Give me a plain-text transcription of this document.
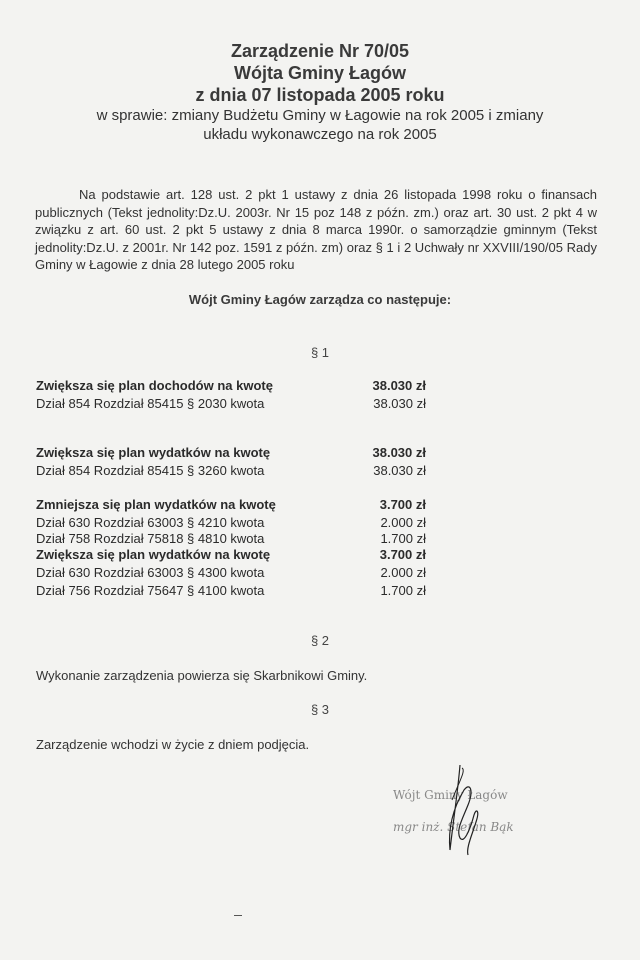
Zarządzenie Nr 70/05
Wójta Gminy Łagów
z dnia 07 listopada 2005 roku
w sprawie: zmiany Budżetu Gminy w Łagowie na rok 2005 i zmiany
układu wykonawczego na rok 2005
Na podstawie art. 128 ust. 2 pkt 1 ustawy z dnia 26 listopada 1998 roku o finansach publicznych (Tekst jednolity:Dz.U. 2003r. Nr 15 poz 148 z późn. zm.) oraz art. 30 ust. 2 pkt 4 w związku z art. 60 ust. 2 pkt 5 ustawy z dnia 8 marca 1990r. o samorządzie gminnym (Tekst jednolity:Dz.U. z 2001r. Nr 142 poz. 1591 z późn. zm) oraz § 1 i 2 Uchwały nr XXVIII/190/05 Rady Gminy w Łagowie z dnia 28 lutego 2005 roku
Wójt Gminy Łagów zarządza co następuje:
§ 1
Zwiększa się plan dochodów na kwotę	38.030 zł
Dział 854 Rozdział 85415 § 2030 kwota	38.030 zł
Zwiększa się plan wydatków na kwotę	38.030 zł
Dział 854 Rozdział 85415 § 3260 kwota	38.030 zł
Zmniejsza się plan wydatków na kwotę	3.700 zł
Dział 630 Rozdział 63003 § 4210 kwota	2.000 zł
Dział 758 Rozdział 75818 § 4810 kwota	1.700 zł
Zwiększa się plan wydatków na kwotę	3.700 zł
Dział 630 Rozdział 63003 § 4300 kwota	2.000 zł
Dział 756 Rozdział 75647 § 4100 kwota	1.700 zł
§ 2
Wykonanie zarządzenia powierza się Skarbnikowi Gminy.
§ 3
Zarządzenie wchodzi w życie z dniem podjęcia.
Wójt Gminy Łagów
mgr inż. Stefan Bąk
